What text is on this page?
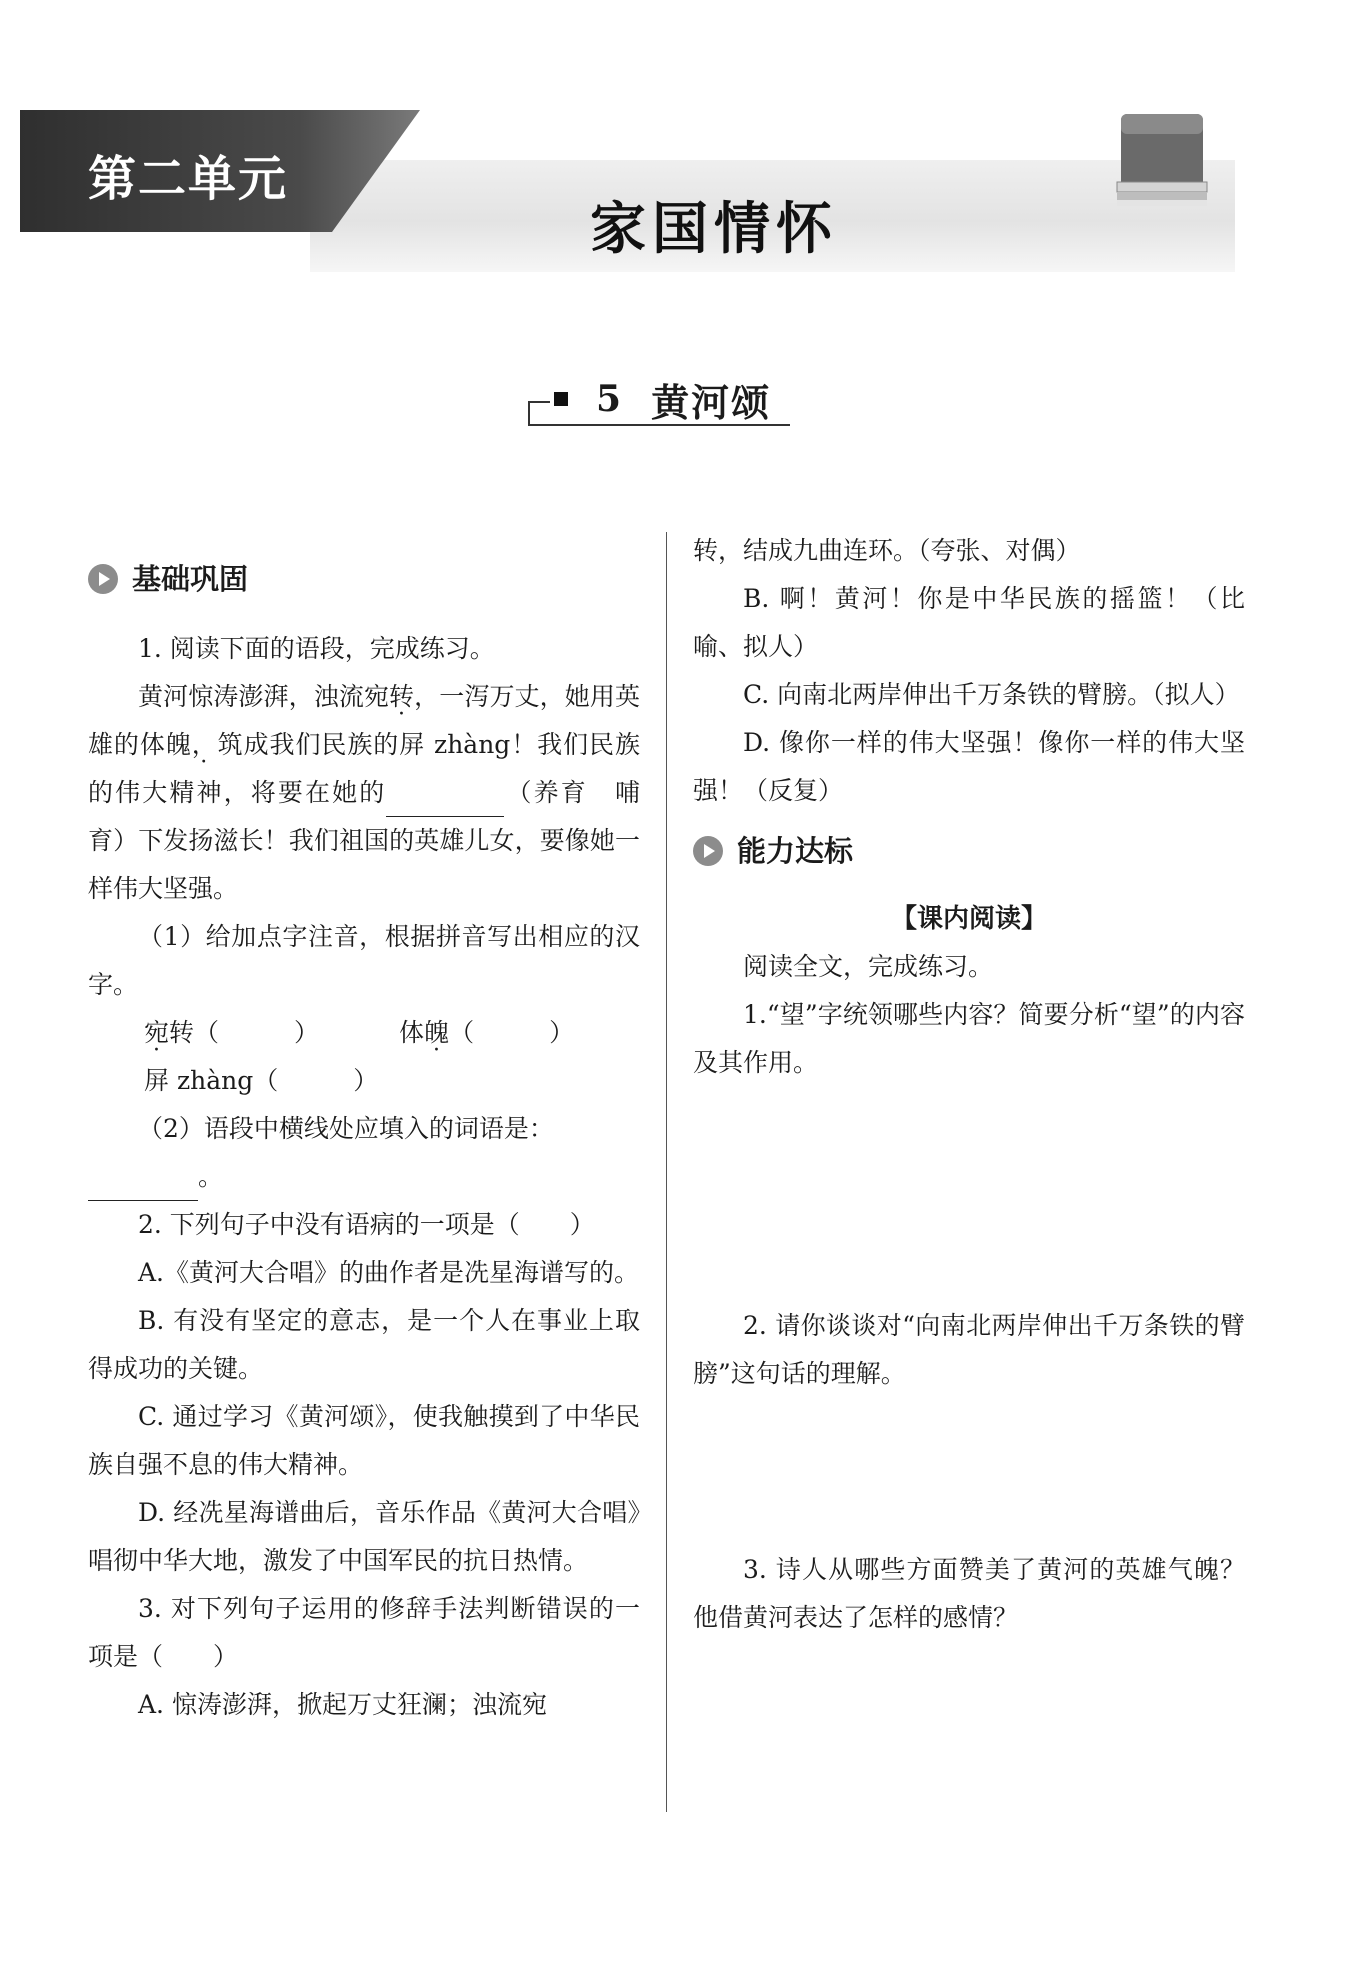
第二单元
家国情怀
5 黄河颂
基础巩固

1. 阅读下面的语段，完成练习。

黄河惊涛澎湃，浊流宛转，一泻万丈，她用英雄的体魄，筑成我们民族的屏 zhàng！我们民族的伟大精神，将要在她的	（养育　哺育）下发扬滋长！我们祖国的英雄儿女，要像她一样伟大坚强。

（1）给加点字注音，根据拼音写出相应的汉字。

宛转（　　　）	体魄（　　　）
屏 zhàng（　　　）

（2）语段中横线处应填入的词语是：

。

2. 下列句子中没有语病的一项是（　　）

A.《黄河大合唱》的曲作者是冼星海谱写的。

B. 有没有坚定的意志，是一个人在事业上取得成功的关键。

C. 通过学习《黄河颂》，使我触摸到了中华民族自强不息的伟大精神。

D. 经冼星海谱曲后，音乐作品《黄河大合唱》唱彻中华大地，激发了中国军民的抗日热情。

3. 对下列句子运用的修辞手法判断错误的一项是（　　）

A. 惊涛澎湃，掀起万丈狂澜；浊流宛

转，结成九曲连环。（夸张、对偶）

B. 啊！黄河！你是中华民族的摇篮！（比喻、拟人）

C. 向南北两岸伸出千万条铁的臂膀。（拟人）

D. 像你一样的伟大坚强！像你一样的伟大坚强！（反复）

能力达标

【课内阅读】

阅读全文，完成练习。

1.“望”字统领哪些内容？简要分析“望”的内容及其作用。

2. 请你谈谈对“向南北两岸伸出千万条铁的臂膀”这句话的理解。

3. 诗人从哪些方面赞美了黄河的英雄气魄？他借黄河表达了怎样的感情？
